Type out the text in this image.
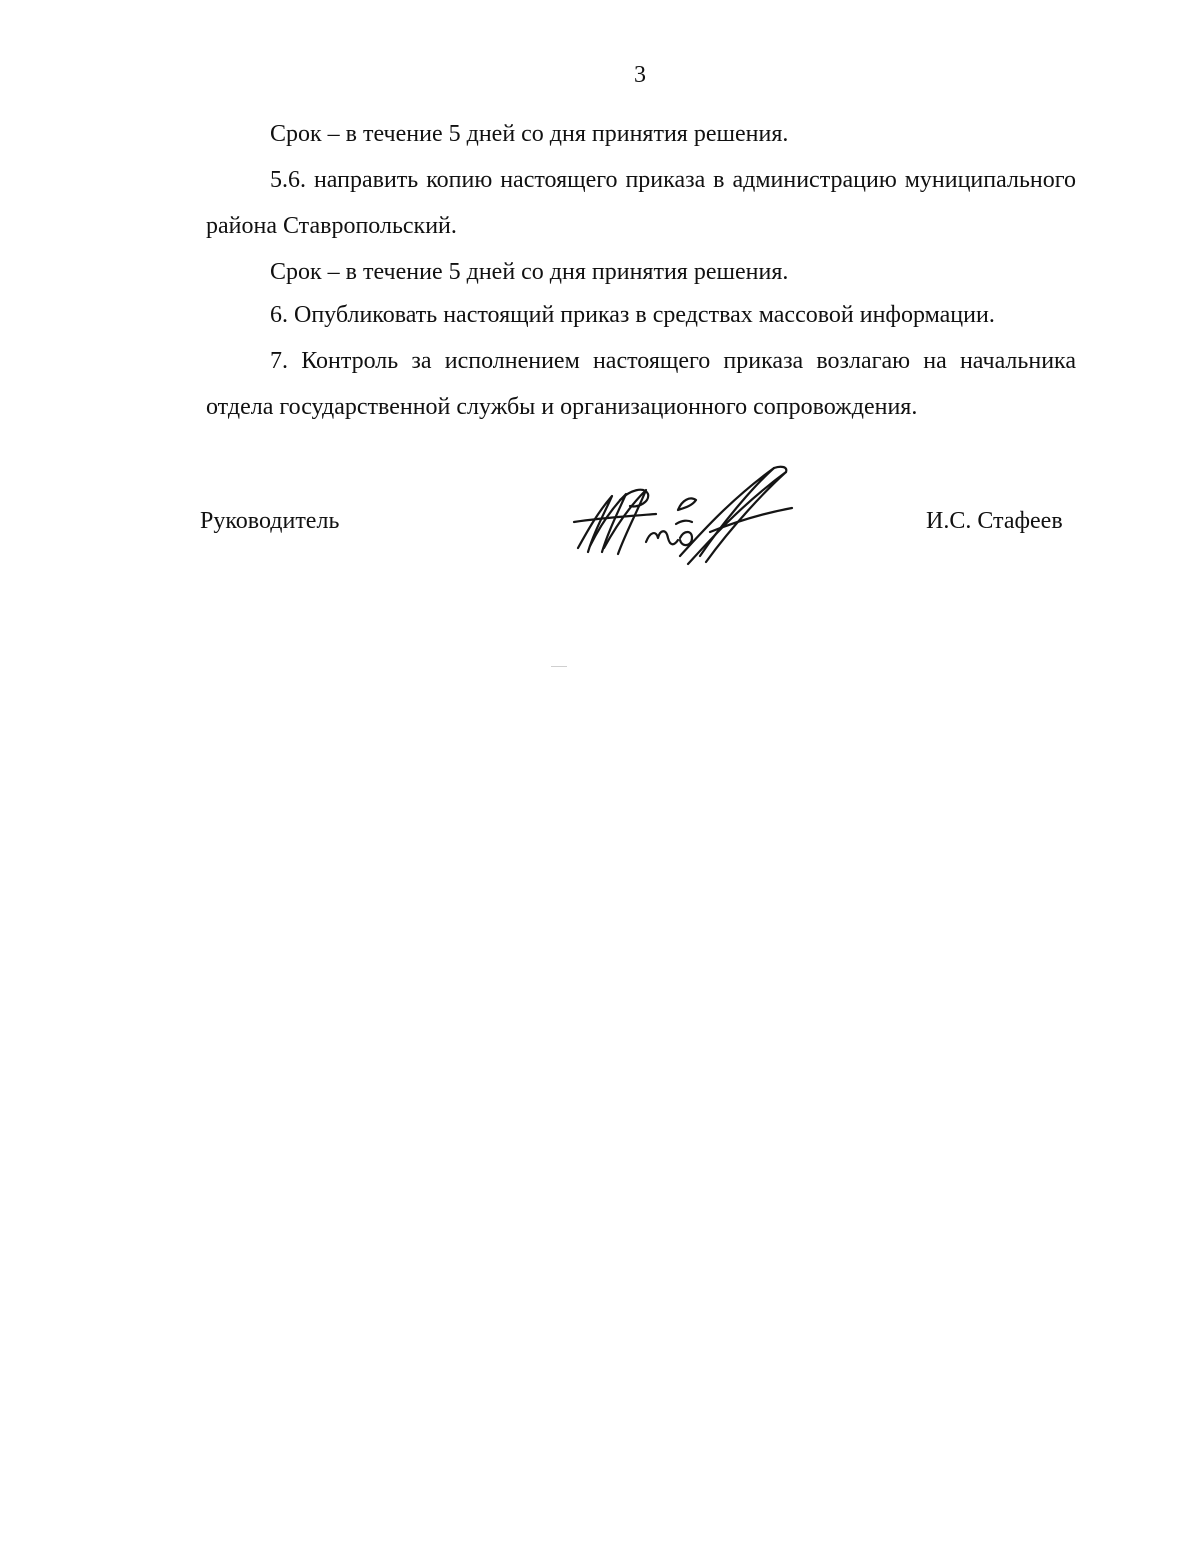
3

Срок – в течение 5 дней со дня принятия решения.

5.6. направить копию настоящего приказа в администрацию муниципального района Ставропольский.

Срок – в течение 5 дней со дня принятия решения.

6. Опубликовать настоящий приказ в средствах массовой информации.

7. Контроль за исполнением настоящего приказа возлагаю на начальника отдела государственной службы и организационного сопровождения.

Руководитель	И.С. Стафеев
